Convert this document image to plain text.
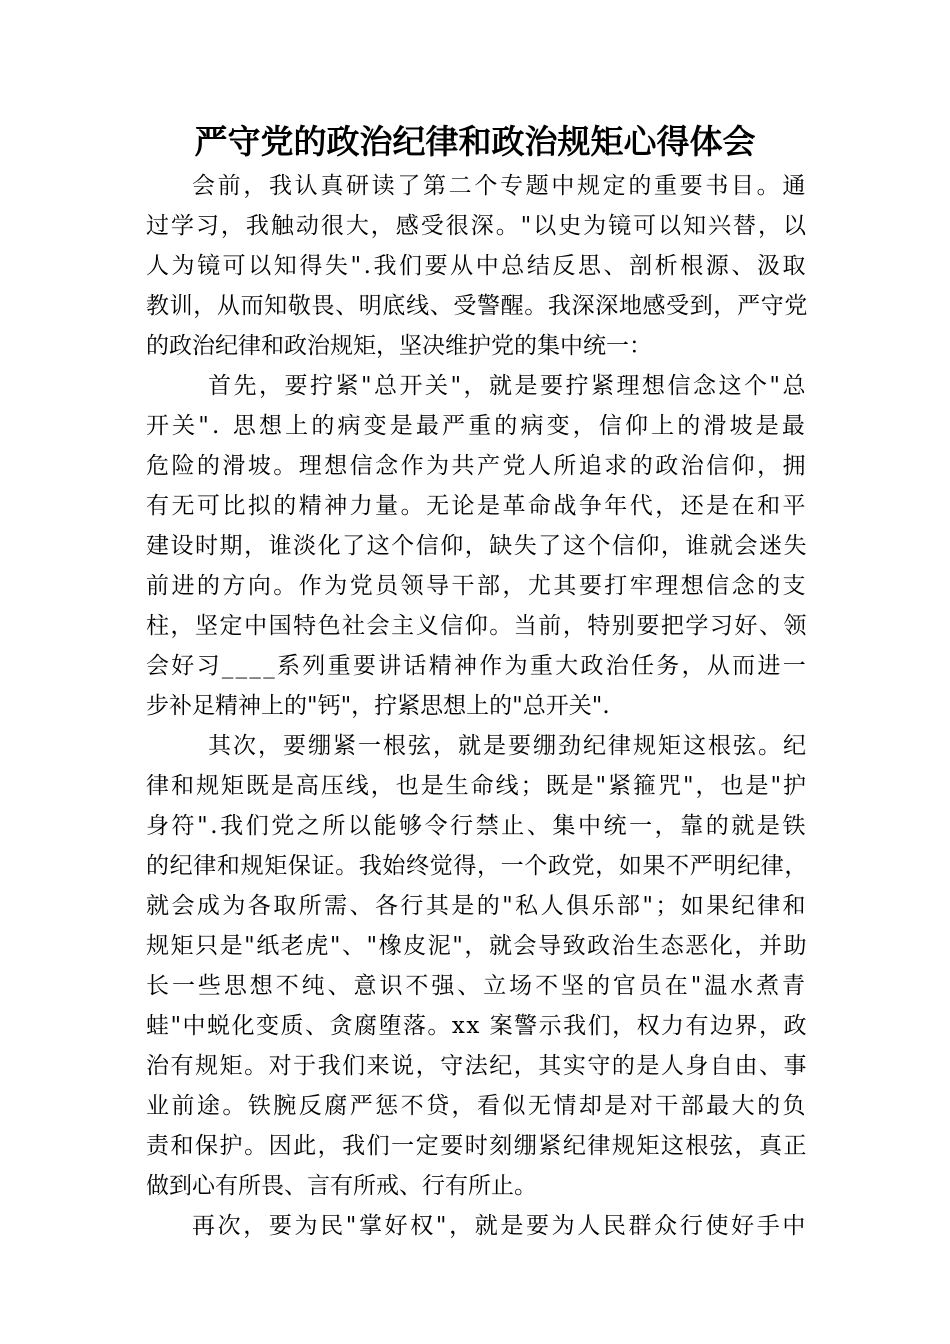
严守党的政治纪律和政治规矩心得体会
会前，我认真研读了第二个专题中规定的重要书目。通
过学习，我触动很大，感受很深。"以史为镜可以知兴替，以
人为镜可以知得失".我们要从中总结反思、剖析根源、汲取
教训，从而知敬畏、明底线、受警醒。我深深地感受到，严守党
的政治纪律和政治规矩，坚决维护党的集中统一：
首先，要拧紧"总开关"，就是要拧紧理想信念这个"总
开关". 思想上的病变是最严重的病变，信仰上的滑坡是最
危险的滑坡。理想信念作为共产党人所追求的政治信仰，拥
有无可比拟的精神力量。无论是革命战争年代，还是在和平
建设时期，谁淡化了这个信仰，缺失了这个信仰，谁就会迷失
前进的方向。作为党员领导干部，尤其要打牢理想信念的支
柱，坚定中国特色社会主义信仰。当前，特别要把学习好、领
会好习____系列重要讲话精神作为重大政治任务，从而进一
步补足精神上的"钙"，拧紧思想上的"总开关".
其次，要绷紧一根弦，就是要绷劲纪律规矩这根弦。纪
律和规矩既是高压线，也是生命线；既是"紧箍咒"，也是"护
身符".我们党之所以能够令行禁止、集中统一，靠的就是铁
的纪律和规矩保证。我始终觉得，一个政党，如果不严明纪律，
就会成为各取所需、各行其是的"私人俱乐部"；如果纪律和
规矩只是"纸老虎"、"橡皮泥"，就会导致政治生态恶化，并助
长一些思想不纯、意识不强、立场不坚的官员在"温水煮青
蛙"中蜕化变质、贪腐堕落。xx 案警示我们，权力有边界，政
治有规矩。对于我们来说，守法纪，其实守的是人身自由、事
业前途。铁腕反腐严惩不贷，看似无情却是对干部最大的负
责和保护。因此，我们一定要时刻绷紧纪律规矩这根弦，真正
做到心有所畏、言有所戒、行有所止。
再次，要为民"掌好权"，就是要为人民群众行使好手中
